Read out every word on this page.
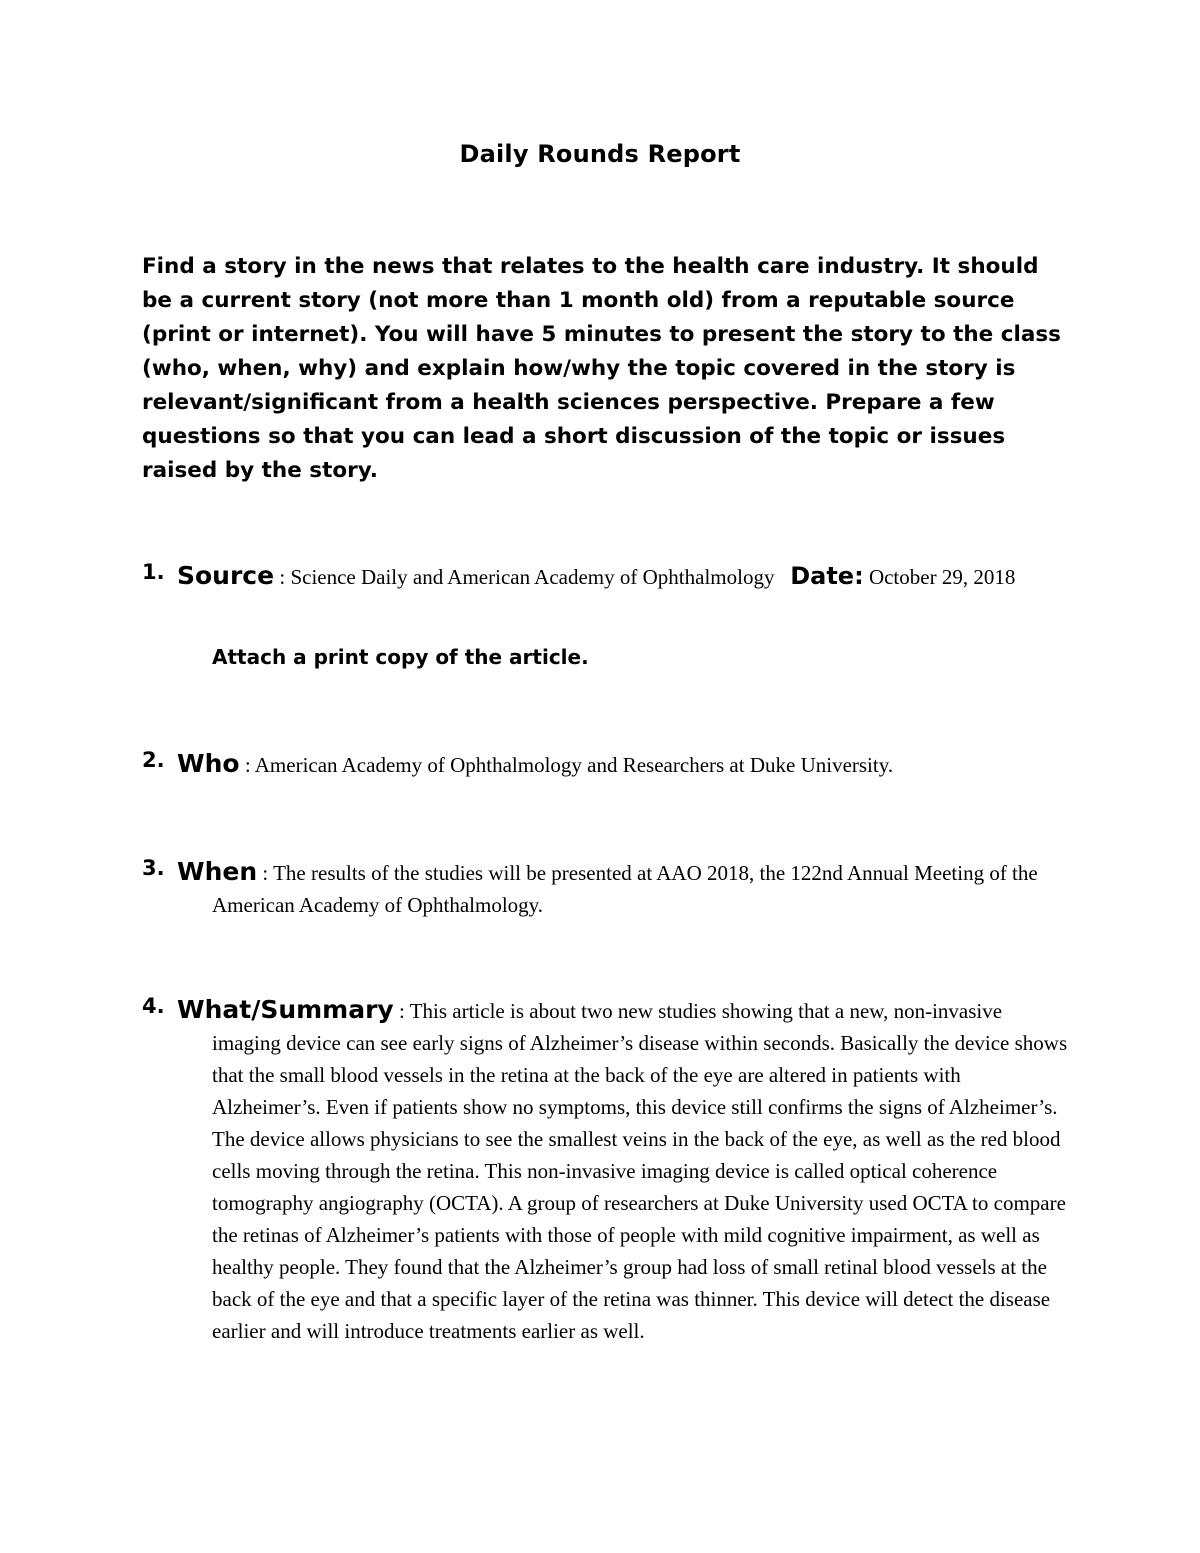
Daily Rounds Report

Find a story in the news that relates to the health care industry. It should be a current story (not more than 1 month old) from a reputable source (print or internet). You will have 5 minutes to present the story to the class (who, when, why) and explain how/why the topic covered in the story is relevant/significant from a health sciences perspective. Prepare a few questions so that you can lead a short discussion of the topic or issues raised by the story.

1. Source : Science Daily and American Academy of Ophthalmology Date: October 29, 2018
Attach a print copy of the article.
2. Who : American Academy of Ophthalmology and Researchers at Duke University.
3. When : The results of the studies will be presented at AAO 2018, the 122nd Annual Meeting of the American Academy of Ophthalmology.
4. What/Summary : This article is about two new studies showing that a new, non-invasive imaging device can see early signs of Alzheimer’s disease within seconds. Basically the device shows that the small blood vessels in the retina at the back of the eye are altered in patients with Alzheimer’s. Even if patients show no symptoms, this device still confirms the signs of Alzheimer’s. The device allows physicians to see the smallest veins in the back of the eye, as well as the red blood cells moving through the retina. This non-invasive imaging device is called optical coherence tomography angiography (OCTA). A group of researchers at Duke University used OCTA to compare the retinas of Alzheimer’s patients with those of people with mild cognitive impairment, as well as healthy people. They found that the Alzheimer’s group had loss of small retinal blood vessels at the back of the eye and that a specific layer of the retina was thinner. This device will detect the disease earlier and will introduce treatments earlier as well.
